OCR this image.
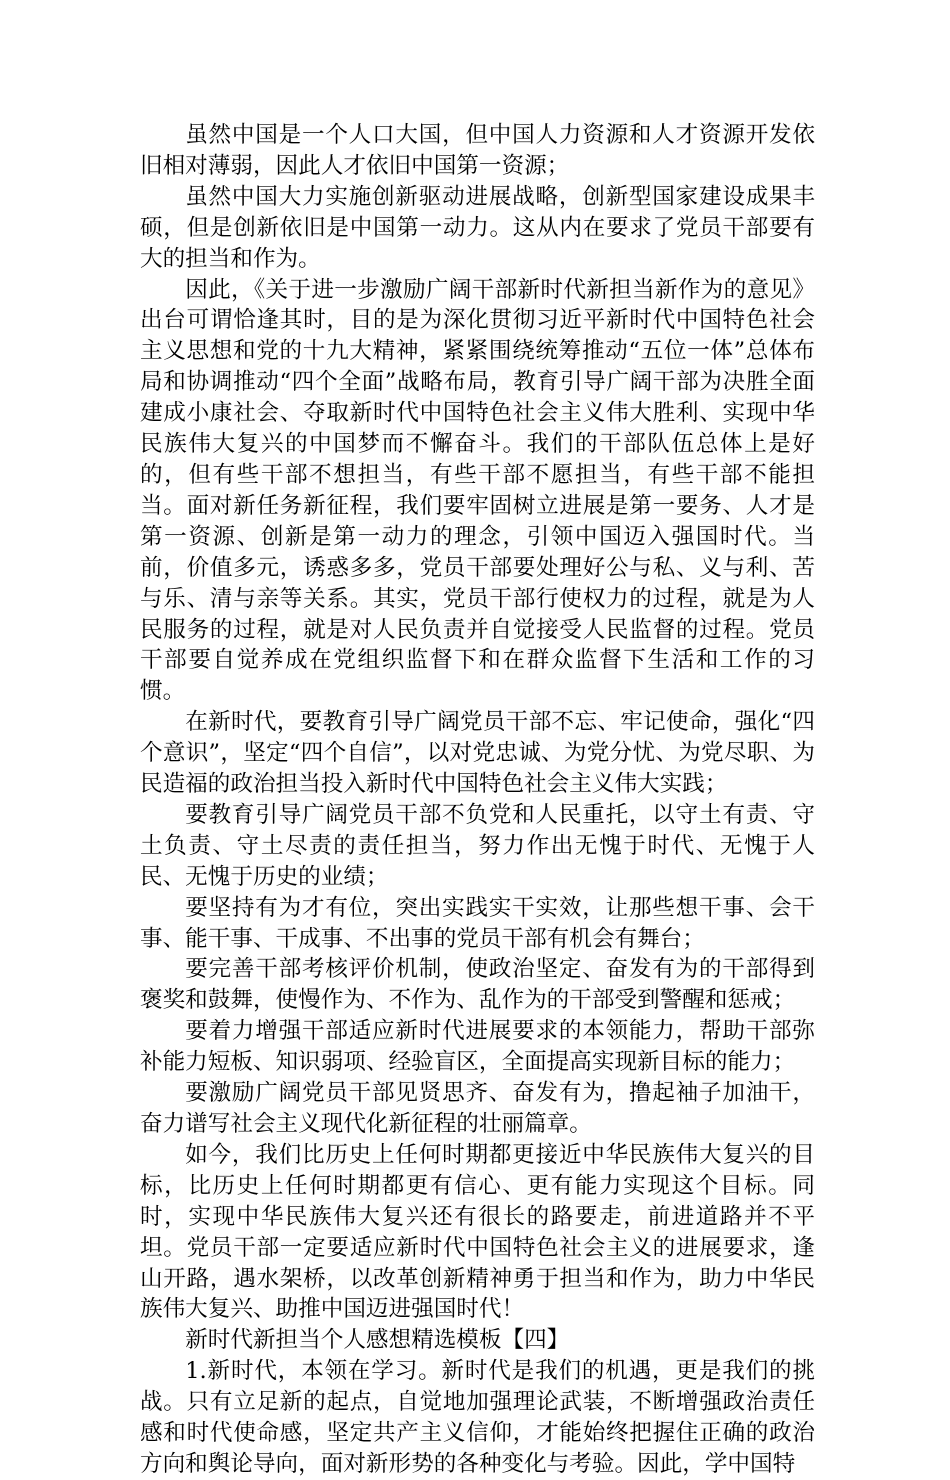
虽然中国是一个人口大国，但中国人力资源和人才资源开发依旧相对薄弱，因此人才依旧中国第一资源；

虽然中国大力实施创新驱动进展战略，创新型国家建设成果丰硕，但是创新依旧是中国第一动力。这从内在要求了党员干部要有大的担当和作为。

因此，《关于进一步激励广阔干部新时代新担当新作为的意见》出台可谓恰逢其时，目的是为深化贯彻习近平新时代中国特色社会主义思想和党的十九大精神，紧紧围绕统筹推动“五位一体”总体布局和协调推动“四个全面”战略布局，教育引导广阔干部为决胜全面建成小康社会、夺取新时代中国特色社会主义伟大胜利、实现中华民族伟大复兴的中国梦而不懈奋斗。我们的干部队伍总体上是好的，但有些干部不想担当，有些干部不愿担当，有些干部不能担当。面对新任务新征程，我们要牢固树立进展是第一要务、人才是第一资源、创新是第一动力的理念，引领中国迈入强国时代。当前，价值多元，诱惑多多，党员干部要处理好公与私、义与利、苦与乐、清与亲等关系。其实，党员干部行使权力的过程，就是为人民服务的过程，就是对人民负责并自觉接受人民监督的过程。党员干部要自觉养成在党组织监督下和在群众监督下生活和工作的习惯。

在新时代，要教育引导广阔党员干部不忘、牢记使命，强化“四个意识”，坚定“四个自信”，以对党忠诚、为党分忧、为党尽职、为民造福的政治担当投入新时代中国特色社会主义伟大实践；

要教育引导广阔党员干部不负党和人民重托，以守土有责、守土负责、守土尽责的责任担当，努力作出无愧于时代、无愧于人民、无愧于历史的业绩；

要坚持有为才有位，突出实践实干实效，让那些想干事、会干事、能干事、干成事、不出事的党员干部有机会有舞台；

要完善干部考核评价机制，使政治坚定、奋发有为的干部得到褒奖和鼓舞，使慢作为、不作为、乱作为的干部受到警醒和惩戒；

要着力增强干部适应新时代进展要求的本领能力，帮助干部弥补能力短板、知识弱项、经验盲区，全面提高实现新目标的能力；

要激励广阔党员干部见贤思齐、奋发有为，撸起袖子加油干，奋力谱写社会主义现代化新征程的壮丽篇章。

如今，我们比历史上任何时期都更接近中华民族伟大复兴的目标，比历史上任何时期都更有信心、更有能力实现这个目标。同时，实现中华民族伟大复兴还有很长的路要走，前进道路并不平坦。党员干部一定要适应新时代中国特色社会主义的进展要求，逢山开路，遇水架桥，以改革创新精神勇于担当和作为，助力中华民族伟大复兴、助推中国迈进强国时代！

新时代新担当个人感想精选模板【四】

1.新时代，本领在学习。新时代是我们的机遇，更是我们的挑战。只有立足新的起点，自觉地加强理论武装，不断增强政治责任感和时代使命感，坚定共产主义信仰，才能始终把握住正确的政治方向和舆论导向，面对新形势的各种变化与考验。因此，学中国特
